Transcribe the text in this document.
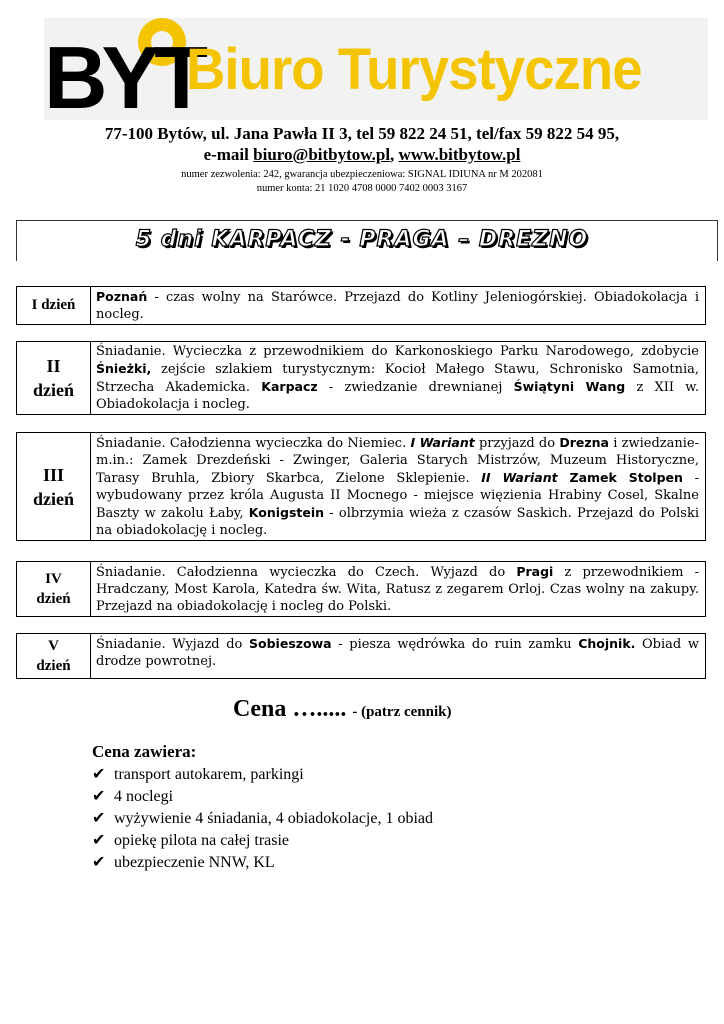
BYT
Biuro Turystyczne
77-100 Bytów, ul. Jana Pawła II 3, tel 59 822 24 51, tel/fax 59 822 54 95,
e-mail biuro@bitbytow.pl, www.bitbytow.pl
numer zezwolenia: 242, gwarancja ubezpieczeniowa: SIGNAL IDIUNA nr M 202081
numer konta: 21 1020 4708 0000 7402 0003 3167
5 dni KARPACZ - PRAGA – DREZNO
I dzień

Poznań - czas wolny na Starówce. Przejazd do Kotliny Jeleniogórskiej. Obiadokolacja i nocleg.
II
dzień
Śniadanie. Wycieczka z przewodnikiem do Karkonoskiego Parku Narodowego, zdobycie Śnieżki, zejście szlakiem turystycznym: Kocioł Małego Stawu, Schronisko Samotnia, Strzecha Akademicka. Karpacz - zwiedzanie drewnianej Świątyni Wang z XII w. Obiadokolacja i nocleg.
III
dzień
Śniadanie. Całodzienna wycieczka do Niemiec. I Wariant przyjazd do Drezna i zwiedzanie- m.in.: Zamek Drezdeński - Zwinger, Galeria Starych Mistrzów, Muzeum Historyczne, Tarasy Bruhla, Zbiory Skarbca, Zielone Sklepienie. II Wariant Zamek Stolpen - wybudowany przez króla Augusta II Mocnego - miejsce więzienia Hrabiny Cosel, Skalne Baszty w zakolu Łaby, Konigstein - olbrzymia wieża z czasów Saskich. Przejazd do Polski na obiadokolację i nocleg.
IV
dzień
Śniadanie. Całodzienna wycieczka do Czech. Wyjazd do Pragi z przewodnikiem - Hradczany, Most Karola, Katedra św. Wita, Ratusz z zegarem Orloj. Czas wolny na zakupy. Przejazd na obiadokolację i nocleg do Polski.
V
dzień
Śniadanie. Wyjazd do Sobieszowa - piesza wędrówka do ruin zamku Chojnik. Obiad w drodze powrotnej.
Cena …..... - (patrz cennik)
Cena zawiera:
✔ transport autokarem, parkingi
✔ 4 noclegi
✔ wyżywienie 4 śniadania, 4 obiadokolacje, 1 obiad
✔ opiekę pilota na całej trasie
✔ ubezpieczenie NNW, KL
